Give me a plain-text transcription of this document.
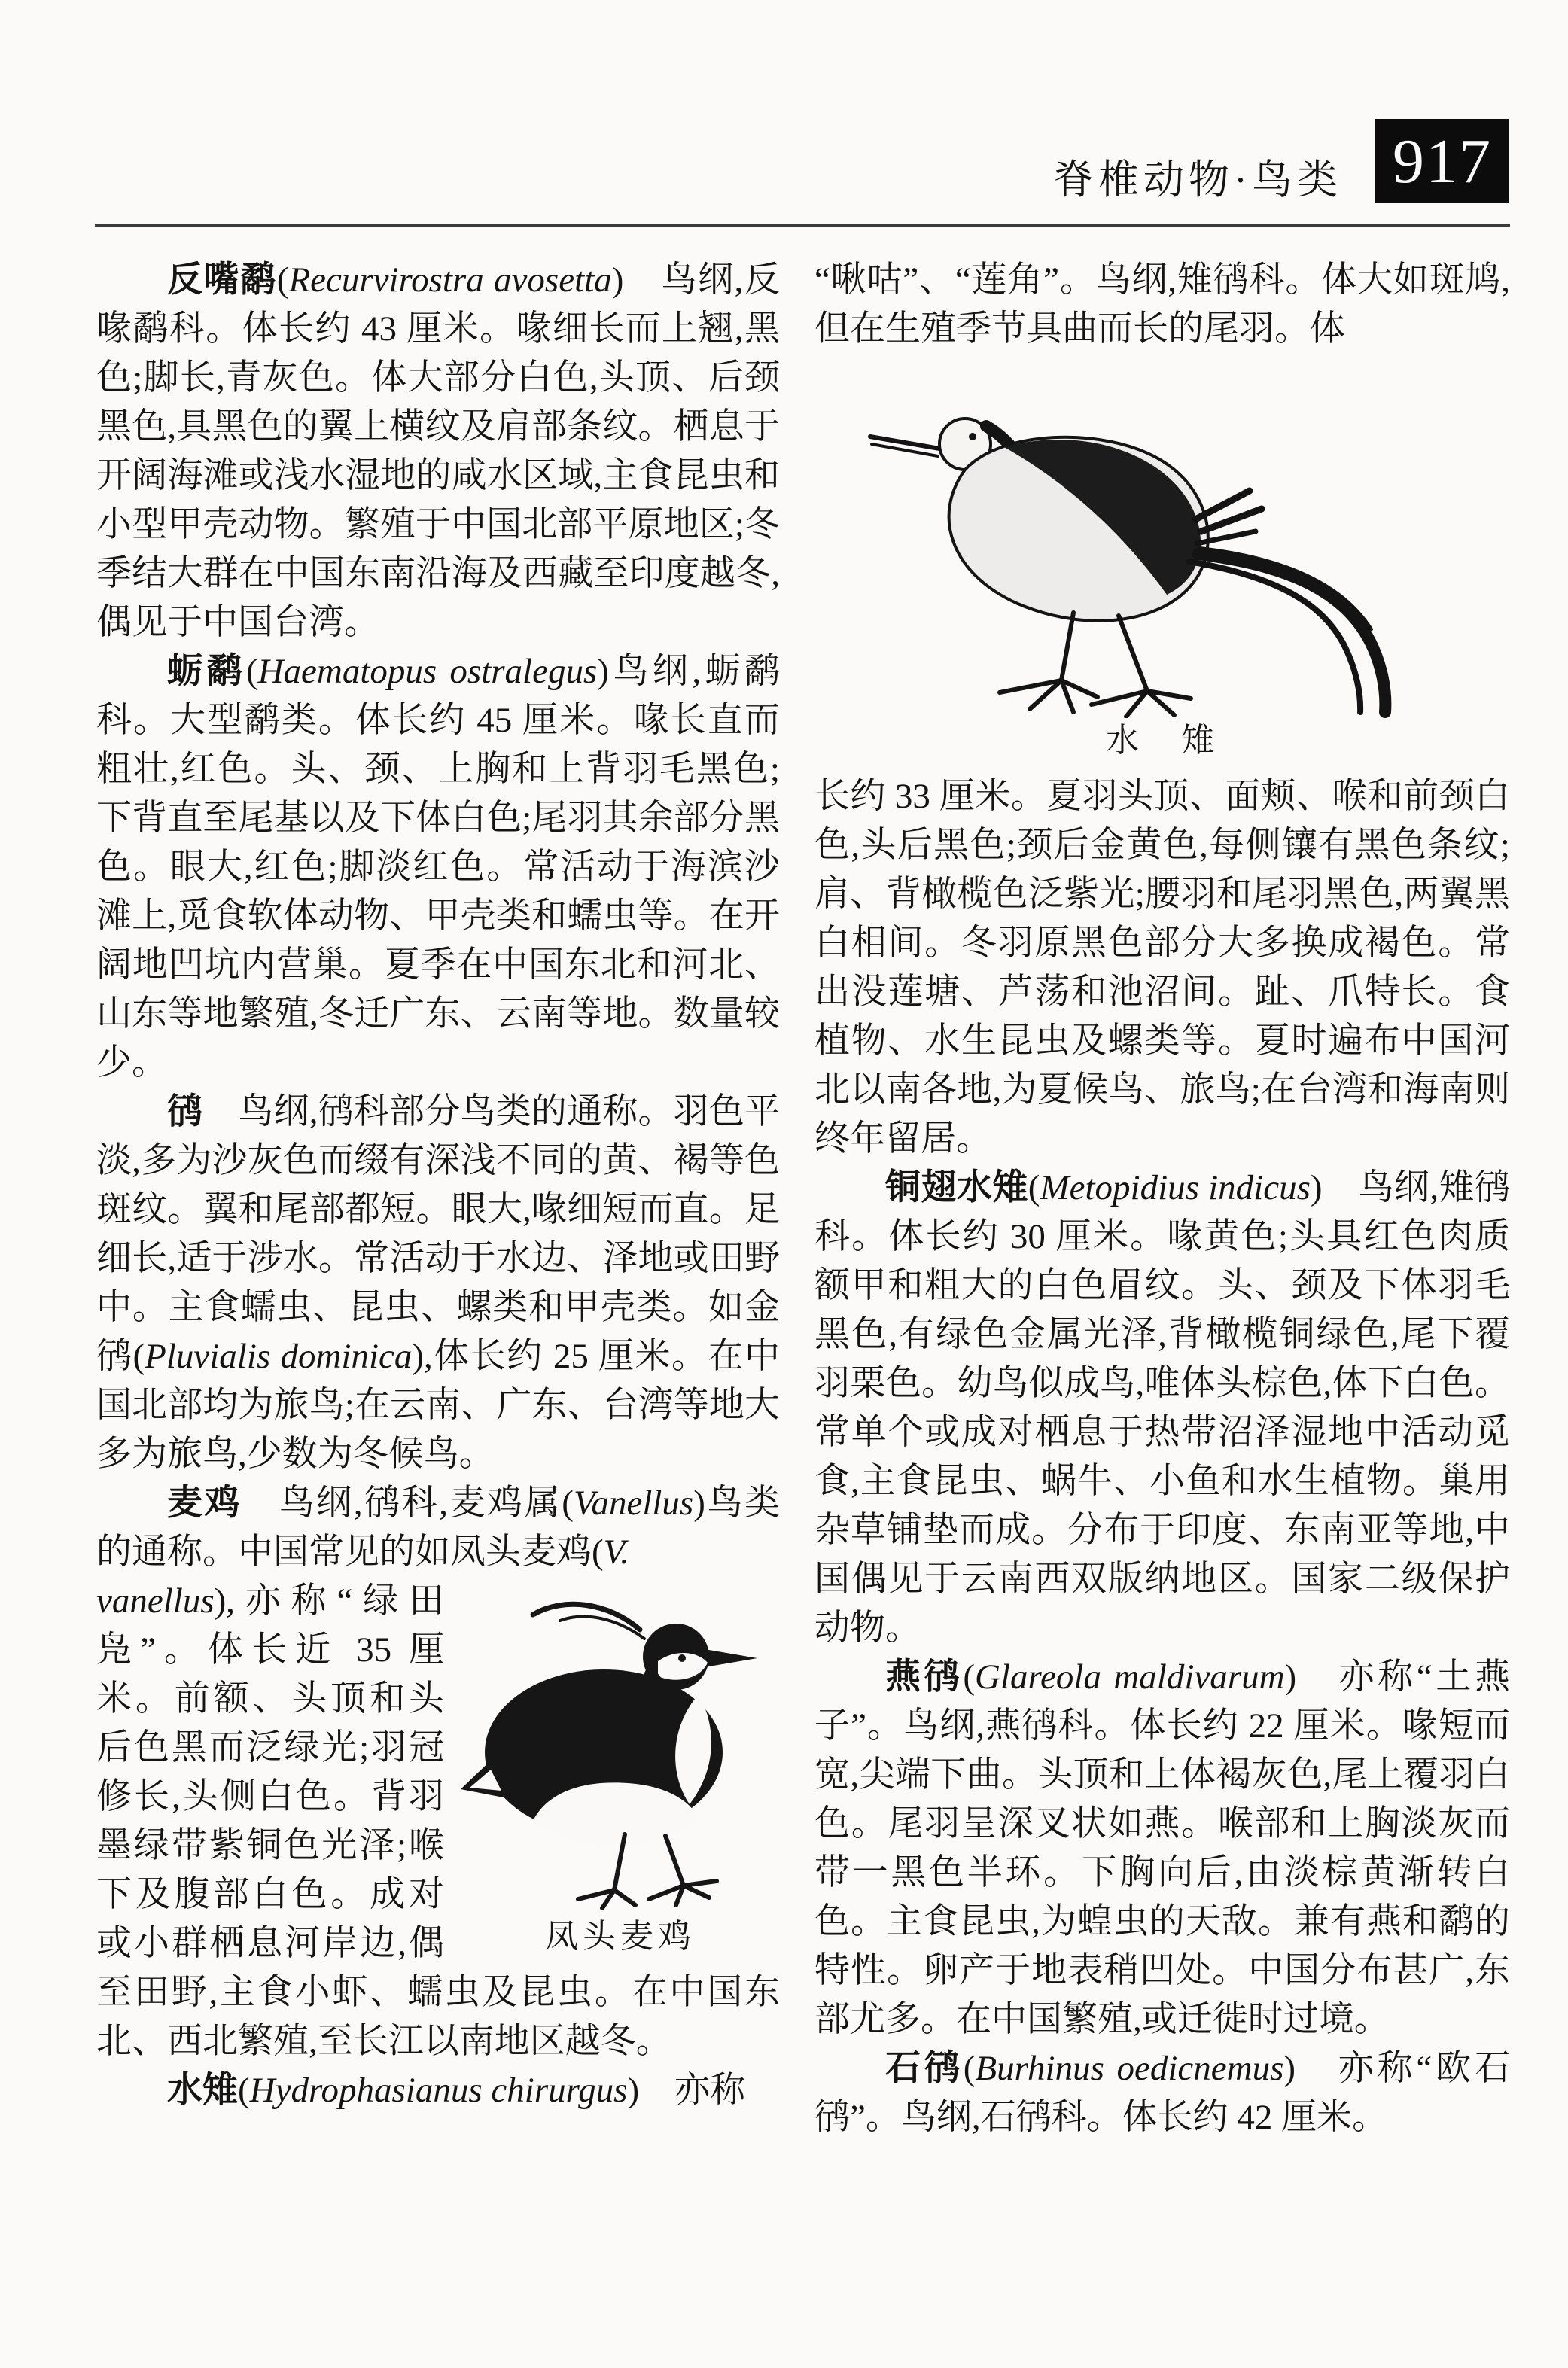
脊椎动物·鸟类 917

反嘴鹬(Recurvirostra avosetta)　鸟纲,反喙鹬科。体长约 43 厘米。喙细长而上翘,黑色;脚长,青灰色。体大部分白色,头顶、后颈黑色,具黑色的翼上横纹及肩部条纹。栖息于开阔海滩或浅水湿地的咸水区域,主食昆虫和小型甲壳动物。繁殖于中国北部平原地区;冬季结大群在中国东南沿海及西藏至印度越冬,偶见于中国台湾。

蛎鹬(Haematopus ostralegus)鸟纲,蛎鹬科。大型鹬类。体长约 45 厘米。喙长直而粗壮,红色。头、颈、上胸和上背羽毛黑色;下背直至尾基以及下体白色;尾羽其余部分黑色。眼大,红色;脚淡红色。常活动于海滨沙滩上,觅食软体动物、甲壳类和蠕虫等。在开阔地凹坑内营巢。夏季在中国东北和河北、山东等地繁殖,冬迁广东、云南等地。数量较少。

鸻　鸟纲,鸻科部分鸟类的通称。羽色平淡,多为沙灰色而缀有深浅不同的黄、褐等色斑纹。翼和尾部都短。眼大,喙细短而直。足细长,适于涉水。常活动于水边、泽地或田野中。主食蠕虫、昆虫、螺类和甲壳类。如金鸻(Pluvialis dominica),体长约 25 厘米。在中国北部均为旅鸟;在云南、广东、台湾等地大多为旅鸟,少数为冬候鸟。

麦鸡　鸟纲,鸻科,麦鸡属(Vanellus)鸟类的通称。中国常见的如凤头麦鸡(V.

凤头麦鸡
vanellus),亦称“绿田凫”。体长近 35 厘米。前额、头顶和头后色黑而泛绿光;羽冠修长,头侧白色。背羽墨绿带紫铜色光泽;喉下及腹部白色。成对或小群栖息河岸边,偶至田野,主食小虾、蠕虫及昆虫。在中国东北、西北繁殖,至长江以南地区越冬。

水雉(Hydrophasianus chirurgus)　亦称

“啾咕”、“莲角”。鸟纲,雉鸻科。体大如斑鸠,但在生殖季节具曲而长的尾羽。体

水　雉

长约 33 厘米。夏羽头顶、面颊、喉和前颈白色,头后黑色;颈后金黄色,每侧镶有黑色条纹;肩、背橄榄色泛紫光;腰羽和尾羽黑色,两翼黑白相间。冬羽原黑色部分大多换成褐色。常出没莲塘、芦荡和池沼间。趾、爪特长。食植物、水生昆虫及螺类等。夏时遍布中国河北以南各地,为夏候鸟、旅鸟;在台湾和海南则终年留居。

铜翅水雉(Metopidius indicus)　鸟纲,雉鸻科。体长约 30 厘米。喙黄色;头具红色肉质额甲和粗大的白色眉纹。头、颈及下体羽毛黑色,有绿色金属光泽,背橄榄铜绿色,尾下覆羽栗色。幼鸟似成鸟,唯体头棕色,体下白色。常单个或成对栖息于热带沼泽湿地中活动觅食,主食昆虫、蜗牛、小鱼和水生植物。巢用杂草铺垫而成。分布于印度、东南亚等地,中国偶见于云南西双版纳地区。国家二级保护动物。

燕鸻(Glareola maldivarum)　亦称“土燕子”。鸟纲,燕鸻科。体长约 22 厘米。喙短而宽,尖端下曲。头顶和上体褐灰色,尾上覆羽白色。尾羽呈深叉状如燕。喉部和上胸淡灰而带一黑色半环。下胸向后,由淡棕黄渐转白色。主食昆虫,为蝗虫的天敌。兼有燕和鹬的特性。卵产于地表稍凹处。中国分布甚广,东部尤多。在中国繁殖,或迁徙时过境。

石鸻(Burhinus oedicnemus)　亦称“欧石鸻”。鸟纲,石鸻科。体长约 42 厘米。
